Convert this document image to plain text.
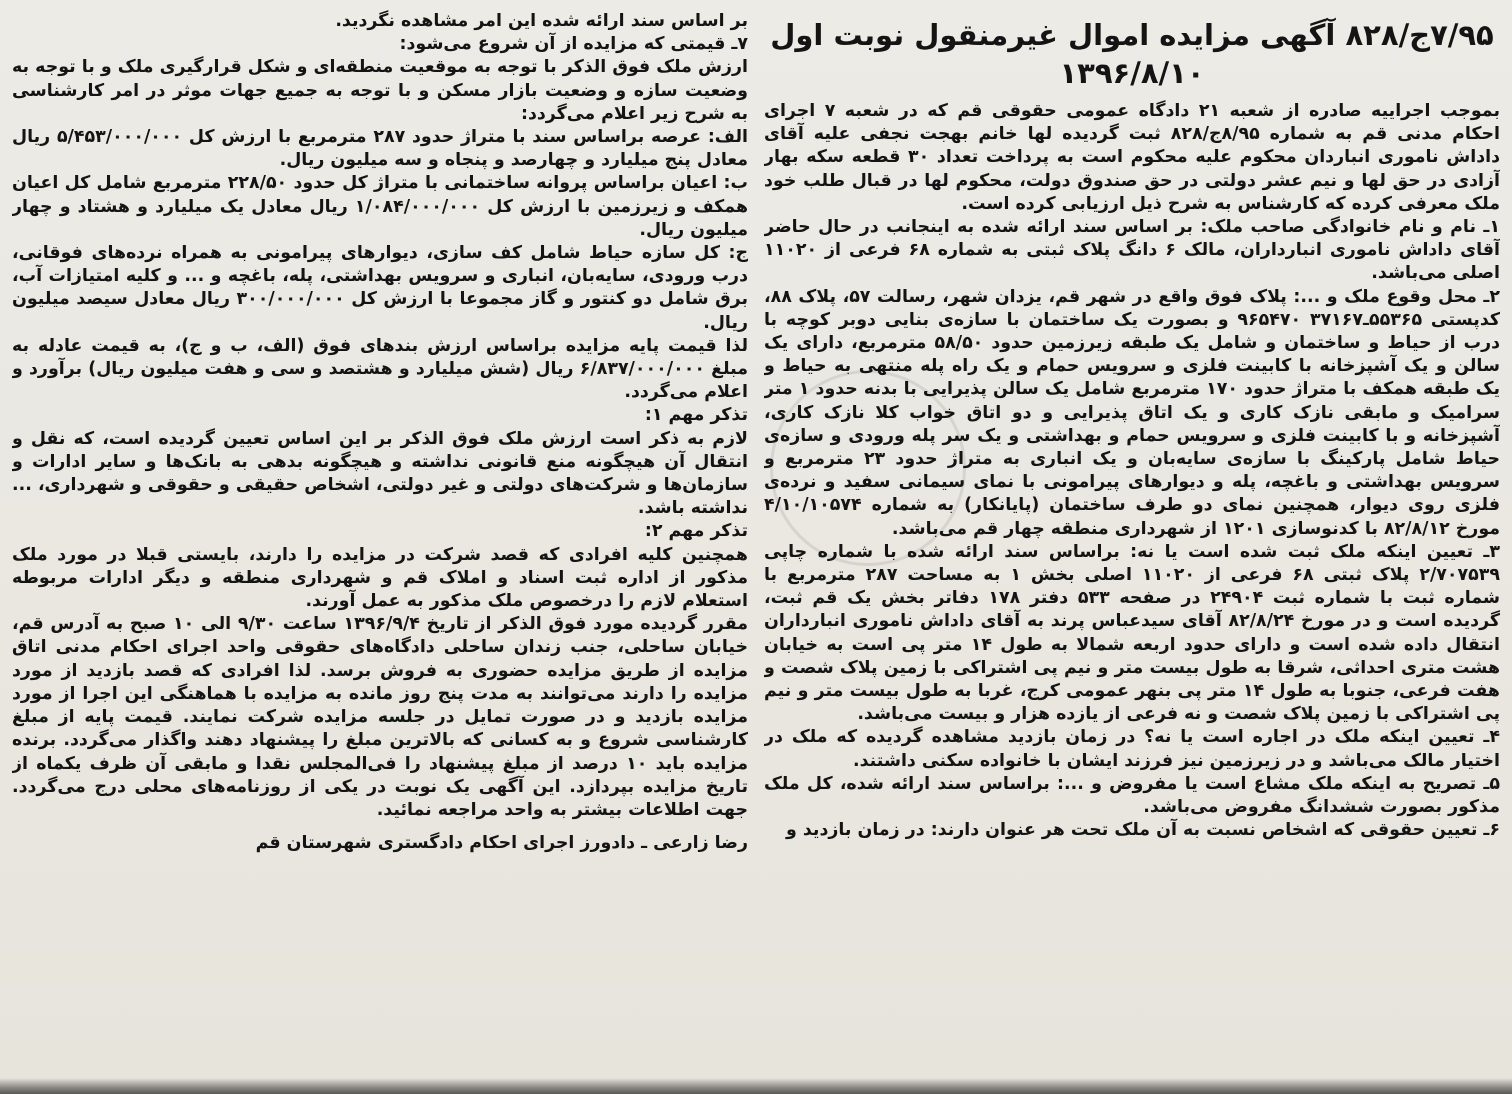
۷/۹۵ج/۸۲۸ آگهی مزایده اموال غیرمنقول نوبت اول
۱۳۹۶/۸/۱۰

بموجب اجراییه صادره از شعبه ۲۱ دادگاه عمومی حقوقی قم که در شعبه ۷ اجرای احکام مدنی قم به شماره ۸/۹۵ج/۸۲۸ ثبت گردیده لها خانم بهجت نجفی علیه آقای داداش ناموری انباردان محکوم علیه محکوم است به پرداخت تعداد ۳۰ قطعه سکه بهار آزادی در حق لها و نیم عشر دولتی در حق صندوق دولت، محکوم لها در قبال طلب خود ملک معرفی کرده که کارشناس به شرح ذیل ارزیابی کرده است.

۱ـ نام و نام خانوادگی صاحب ملک: بر اساس سند ارائه شده به اینجانب در حال حاضر آقای داداش ناموری انبارداران، مالک ۶ دانگ پلاک ثبتی به شماره ۶۸ فرعی از ۱۱۰۲۰ اصلی می‌باشد.

۲ـ محل وقوع ملک و ...: پلاک فوق واقع در شهر قم، یزدان شهر، رسالت ۵۷، پلاک ۸۸، کدپستی ۵۵۳۶۵ـ۳۷۱۶۷ ۹۶۵۴۷۰ و بصورت یک ساختمان با سازه‌ی بنایی دوبر کوچه با درب از حیاط و ساختمان و شامل یک طبقه زیرزمین حدود ۵۸/۵۰ مترمربع، دارای یک سالن و یک آشپزخانه با کابینت فلزی و سرویس حمام و یک راه پله منتهی به حیاط و یک طبقه همکف با متراژ حدود ۱۷۰ مترمربع شامل یک سالن پذیرایی با بدنه حدود ۱ متر سرامیک و مابقی نازک کاری و یک اتاق پذیرایی و دو اتاق خواب کلا نازک کاری، آشپزخانه و با کابینت فلزی و سرویس حمام و بهداشتی و یک سر پله ورودی و سازه‌ی حیاط شامل پارکینگ با سازه‌ی سایه‌بان و یک انباری به متراژ حدود ۲۳ مترمربع و سرویس بهداشتی و باغچه، پله و دیوارهای پیرامونی با نمای سیمانی سفید و نرده‌ی فلزی روی دیوار، همچنین نمای دو طرف ساختمان (پایانکار) به شماره ۴/۱۰/۱۰۵۷۴ مورخ ۸۲/۸/۱۲ با کدنوسازی ۱۲۰۱ از شهرداری منطقه چهار قم می‌باشد.

۳ـ تعیین اینکه ملک ثبت شده است یا نه: براساس سند ارائه شده با شماره چاپی ۲/۷۰۷۵۳۹ پلاک ثبتی ۶۸ فرعی از ۱۱۰۲۰ اصلی بخش ۱ به مساحت ۲۸۷ مترمربع با شماره ثبت با شماره ثبت ۲۴۹۰۴ در صفحه ۵۳۳ دفتر ۱۷۸ دفاتر بخش یک قم ثبت، گردیده است و در مورخ ۸۲/۸/۲۴ آقای سیدعباس پرند به آقای داداش ناموری انبارداران انتقال داده شده است و دارای حدود اربعه شمالا به طول ۱۴ متر پی است به خیابان هشت متری احداثی، شرقا به طول بیست متر و نیم پی اشتراکی با زمین پلاک شصت و هفت فرعی، جنوبا به طول ۱۴ متر پی بنهر عمومی کرج، غربا به طول بیست متر و نیم پی اشتراکی با زمین پلاک شصت و نه فرعی از یازده هزار و بیست می‌باشد.

۴ـ تعیین اینکه ملک در اجاره است یا نه؟ در زمان بازدید مشاهده گردیده که ملک در اختیار مالک می‌باشد و در زیرزمین نیز فرزند ایشان با خانواده سکنی داشتند.

۵ـ تصریح به اینکه ملک مشاع است یا مفروض و ...: براساس سند ارائه شده، کل ملک مذکور بصورت ششدانگ مفروض می‌باشد.

۶ـ تعیین حقوقی که اشخاص نسبت به آن ملک تحت هر عنوان دارند: در زمان بازدید و

بر اساس سند ارائه شده این امر مشاهده نگردید.

۷ـ قیمتی که مزایده از آن شروع می‌شود:

ارزش ملک فوق الذکر با توجه به موقعیت منطقه‌ای و شکل قرارگیری ملک و با توجه به وضعیت سازه و وضعیت بازار مسکن و با توجه به جمیع جهات موثر در امر کارشناسی به شرح زیر اعلام می‌گردد:

الف: عرصه براساس سند با متراژ حدود ۲۸۷ مترمربع با ارزش کل ۵/۴۵۳/۰۰۰/۰۰۰ ریال معادل پنج میلیارد و چهارصد و پنجاه و سه میلیون ریال.

ب: اعیان براساس پروانه ساختمانی با متراژ کل حدود ۲۲۸/۵۰ مترمربع شامل کل اعیان همکف و زیرزمین با ارزش کل ۱/۰۸۴/۰۰۰/۰۰۰ ریال معادل یک میلیارد و هشتاد و چهار میلیون ریال.

ج: کل سازه حیاط شامل کف سازی، دیوارهای پیرامونی به همراه نرده‌های فوقانی، درب ورودی، سایه‌بان، انباری و سرویس بهداشتی، پله، باغچه و ... و کلیه امتیازات آب، برق شامل دو کنتور و گاز مجموعا با ارزش کل ۳۰۰/۰۰۰/۰۰۰ ریال معادل سیصد میلیون ریال.

لذا قیمت پایه مزایده براساس ارزش بندهای فوق (الف، ب و ج)، به قیمت عادله به مبلغ ۶/۸۳۷/۰۰۰/۰۰۰ ریال (شش میلیارد و هشتصد و سی و هفت میلیون ریال) برآورد و اعلام می‌گردد.

تذکر مهم ۱:

لازم به ذکر است ارزش ملک فوق الذکر بر این اساس تعیین گردیده است، که نقل و انتقال آن هیچگونه منع قانونی نداشته و هیچگونه بدهی به بانک‌ها و سایر ادارات و سازمان‌ها و شرکت‌های دولتی و غیر دولتی، اشخاص حقیقی و حقوقی و شهرداری، ... نداشته باشد.

تذکر مهم ۲:

همچنین کلیه افرادی که قصد شرکت در مزایده را دارند، بایستی قبلا در مورد ملک مذکور از اداره ثبت اسناد و املاک قم و شهرداری منطقه و دیگر ادارات مربوطه استعلام لازم را درخصوص ملک مذکور به عمل آورند.

مقرر گردیده مورد فوق الذکر از تاریخ ۱۳۹۶/۹/۴ ساعت ۹/۳۰ الی ۱۰ صبح به آدرس قم، خیابان ساحلی، جنب زندان ساحلی دادگاه‌های حقوقی واحد اجرای احکام مدنی اتاق مزایده از طریق مزایده حضوری به فروش برسد. لذا افرادی که قصد بازدید از مورد مزایده را دارند می‌توانند به مدت پنج روز مانده به مزایده با هماهنگی این اجرا از مورد مزایده بازدید و در صورت تمایل در جلسه مزایده شرکت نمایند. قیمت پایه از مبلغ کارشناسی شروع و به کسانی که بالاترین مبلغ را پیشنهاد دهند واگذار می‌گردد. برنده مزایده باید ۱۰ درصد از مبلغ پیشنهاد را فی‌المجلس نقدا و مابقی آن ظرف یکماه از تاریخ مزایده بپردازد. این آگهی یک نوبت در یکی از روزنامه‌های محلی درج می‌گردد. جهت اطلاعات بیشتر به واحد مراجعه نمائید.

رضا زارعی ـ دادورز اجرای احکام دادگستری شهرستان قم
